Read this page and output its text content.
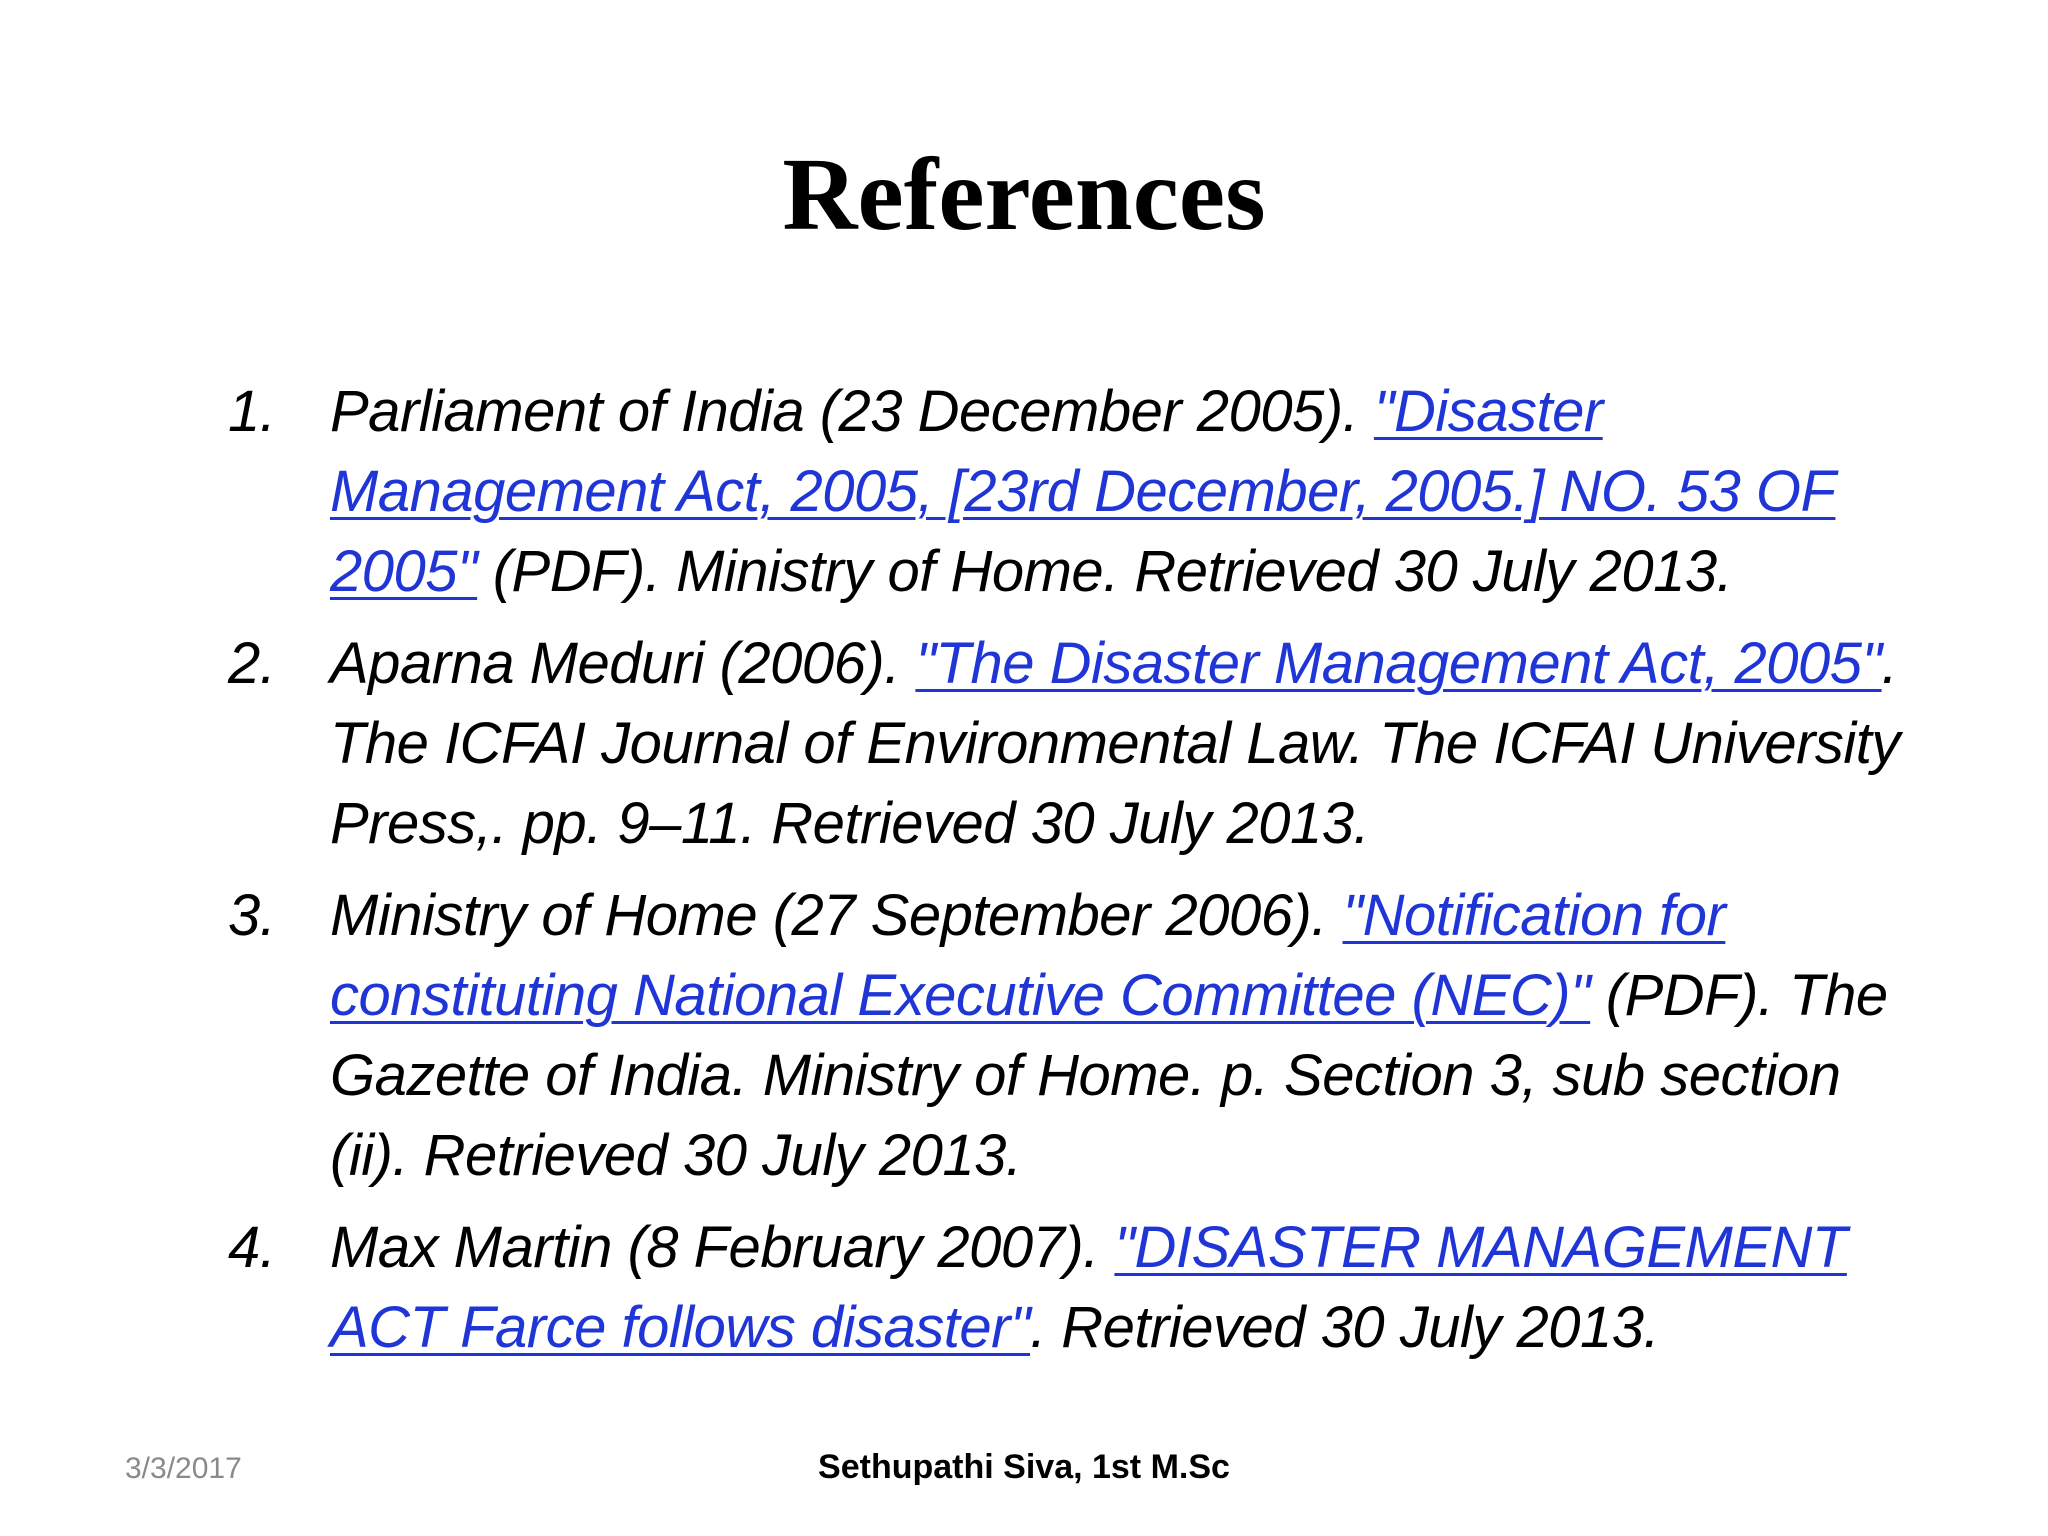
References
1. Parliament of India (23 December 2005). "Disaster Management Act, 2005, [23rd December, 2005.] NO. 53 OF 2005" (PDF). Ministry of Home. Retrieved 30 July 2013.
2. Aparna Meduri (2006). "The Disaster Management Act, 2005". The ICFAI Journal of Environmental Law. The ICFAI University Press,. pp. 9–11. Retrieved 30 July 2013.
3. Ministry of Home (27 September 2006). "Notification for constituting National Executive Committee (NEC)" (PDF). The Gazette of India. Ministry of Home. p. Section 3, sub section (ii). Retrieved 30 July 2013.
4. Max Martin (8 February 2007). "DISASTER MANAGEMENT ACT Farce follows disaster". Retrieved 30 July 2013.
3/3/2017	Sethupathi Siva, 1st M.Sc
